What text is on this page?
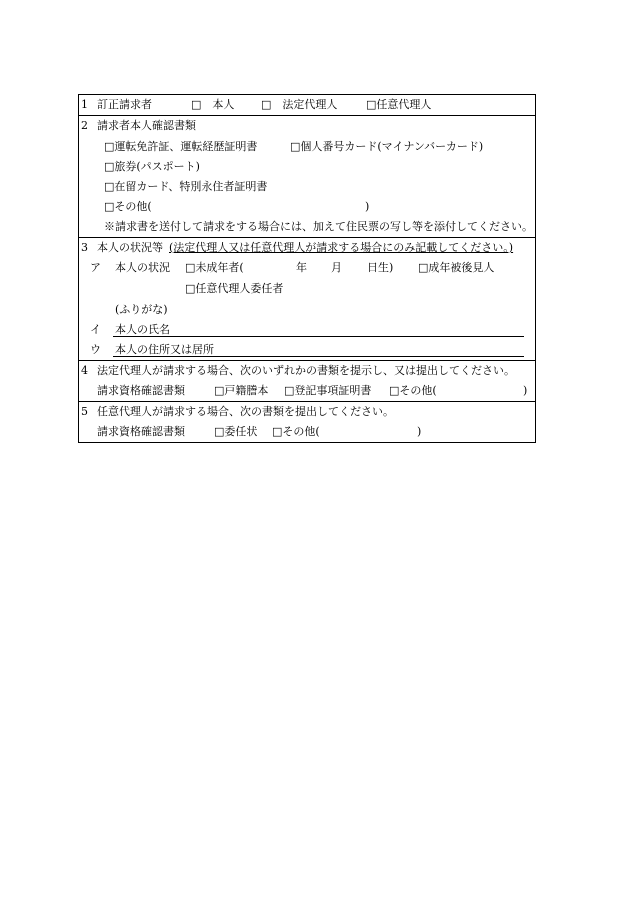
1 訂正請求者	□　本人 □　法定代理人	□任意代理人
2 請求者本人確認書類
□運転免許証、運転経歴証明書	□個人番号カード(マイナンバーカード)
□旅券(パスポート)
□在留カード、特別永住者証明書
□その他(	)
※請求書を送付して請求をする場合には、加えて住民票の写し等を添付してください。
3 本人の状況等 (法定代理人又は任意代理人が請求する場合にのみ記載してください。)
ア 本人の状況 □未成年者(	年 月 日生) □成年被後見人
□任意代理人委任者
(ふりがな)
イ 本人の氏名
ウ 本人の住所又は居所
4 法定代理人が請求する場合、次のいずれかの書類を提示し、又は提出してください。
請求資格確認書類	□戸籍謄本 □登記事項証明書 □その他(	)
5 任意代理人が請求する場合、次の書類を提出してください。
請求資格確認書類	□委任状 □その他(	)
